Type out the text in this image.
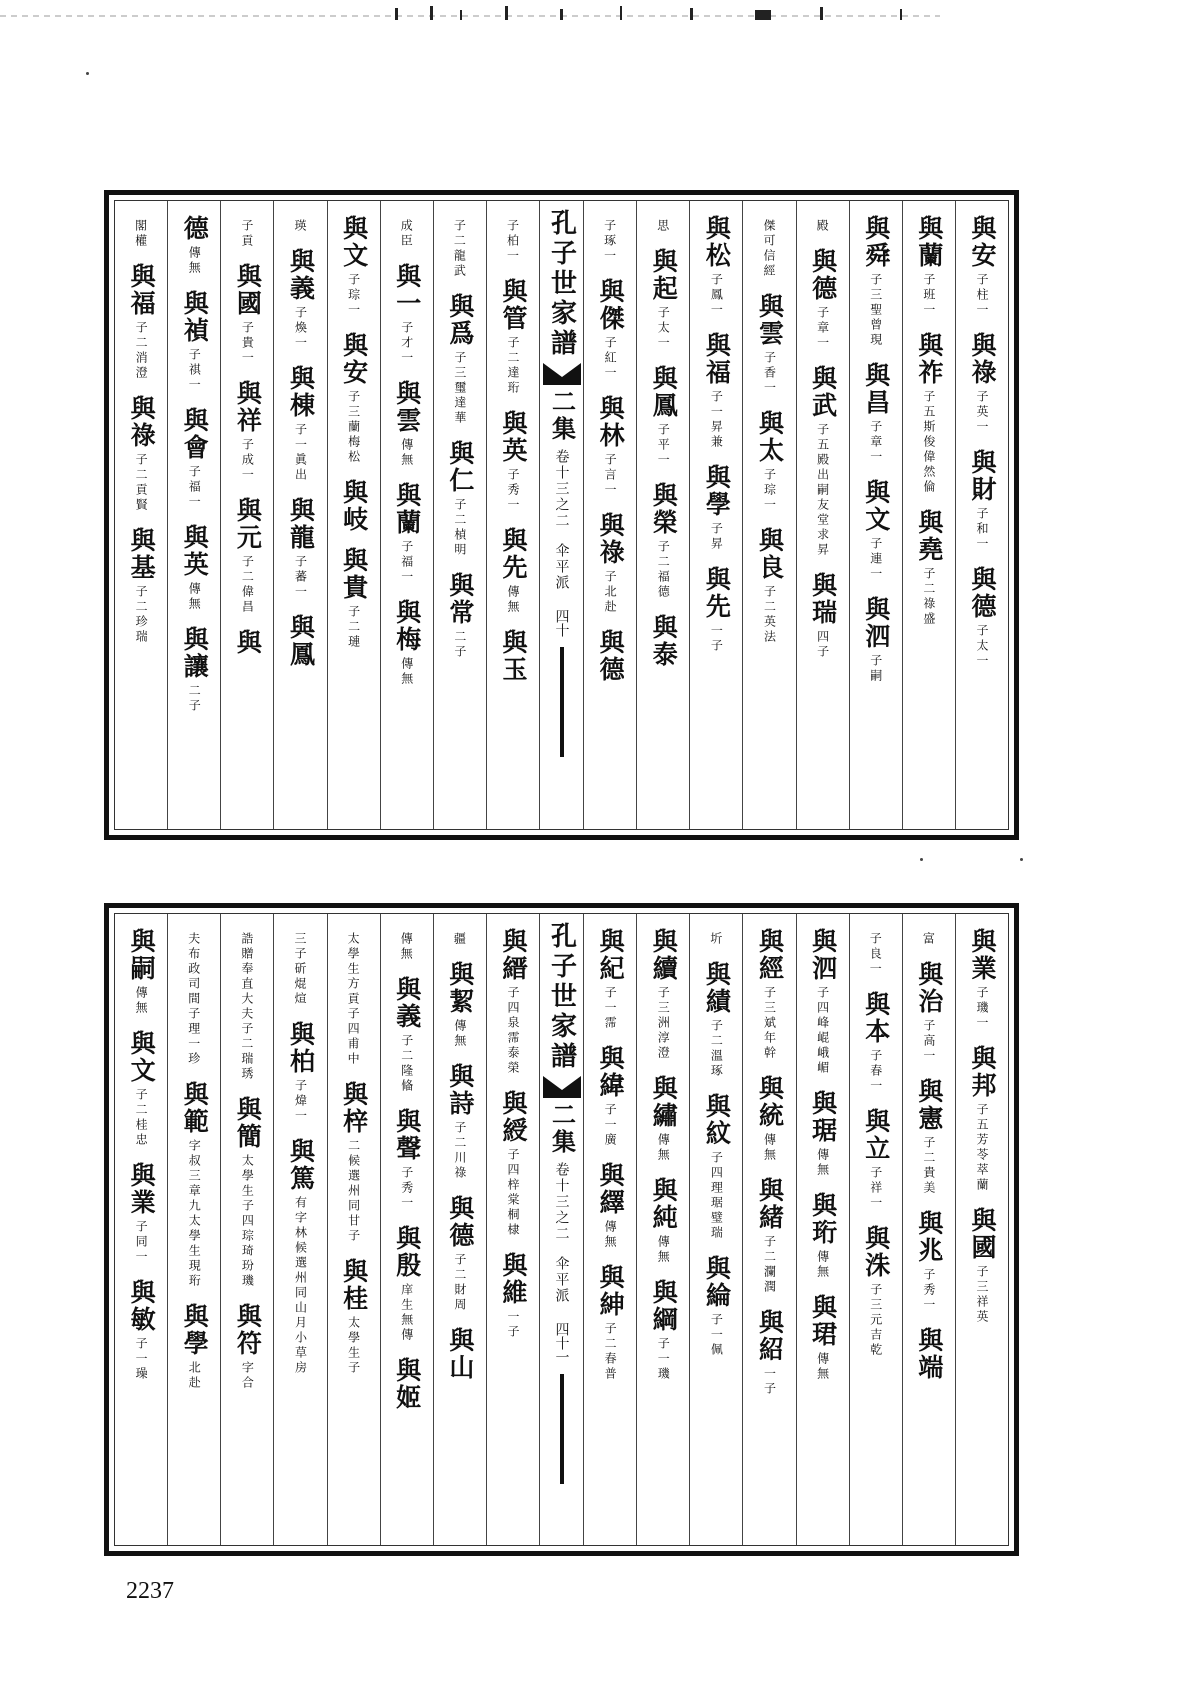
與安子柱一
與祿子英一
與財子和一
與德子太一
與蘭子班一
與祚子五斯俊偉然倫
與堯子二祿盛
與舜子三聖曾現
與昌子章一
與文子連一
與泗子嗣
殿
與德子章一
與武子五殿出嗣友堂求昇
與瑞四子
傑可信經
與雲子香一
與太子琮一
與良子二英法
與松子鳳一
與福子一昇兼
與學子昇
與先一子
思
與起子太一
與鳳子平一
與榮子二福德
與泰
子琢一
與傑子紅一
與林子言一
與祿子北赴
與德
孔子世家譜
二集
卷十三之二
伞平派
四十
子柏一
與管子二達珩
與英子秀一
與先傳無
與玉
子二龍武
與爲子三璽達華
與仁子二楨明
與常二子
成臣
與一子才一
與雲傳無
與蘭子福一
與梅傳無
與文子琮一
與安子三蘭梅松
與岐
與貴子二璉
瑛
與義子煥一
與棟子一眞出
與龍子蕃一
與鳳
子貢
與國子貴一
與祥子成一
與元子二偉昌
與
德傳無
與禎子祺一
與會子福一
與英傳無
與讓二子
閣權
與福子二消澄
與祿子二貢賢
與基子二珍瑞
與業子璣一
與邦子五芳苓萃蘭
與國子三祥英
富
與治子高一
與憲子二貴美
與兆子秀一
與端
子良一
與本子春一
與立子祥一
與洙子三元吉乾
與泗子四峰崐峨嵋
與琚傳無
與珩傳無
與珺傳無
與經子三斌年幹
與統傳無
與緒子二瀾潤
與紹一子
圻
與績子二溫琢
與紋子四理琚璧瑞
與綸子一佩
與續子三洲淳澄
與繡傳無
與純傳無
與綱子一璣
與紀子一霈
與緯子一廣
與繹傳無
與紳子二春普
孔子世家譜
二集
卷十三之二
伞平派
四十一
與縉子四泉霈泰榮
與綬子四梓棠桐棣
與維一子
疆
與絜傳無
與詩子二川祿
與德子二財周
與山
傳無
與義子二隆偹
與聲子秀一
與殷庠生無傳
與姬
太學生方貢子四甫中
與梓二候選州同甘子
與桂太學生子
三子斫焜煊
與柏子煒一
與篤有字林候選州同山月小草房
誥贈奉直大夫子二瑞琇
與簡太學生子四琮琦玢璣
與符字合
夫布政司間子理一珍
與範字叔三章九太學生現珩
與學北赴
與嗣傳無
與文子二桂忠
與業子同一
與敏子一璪
2237
